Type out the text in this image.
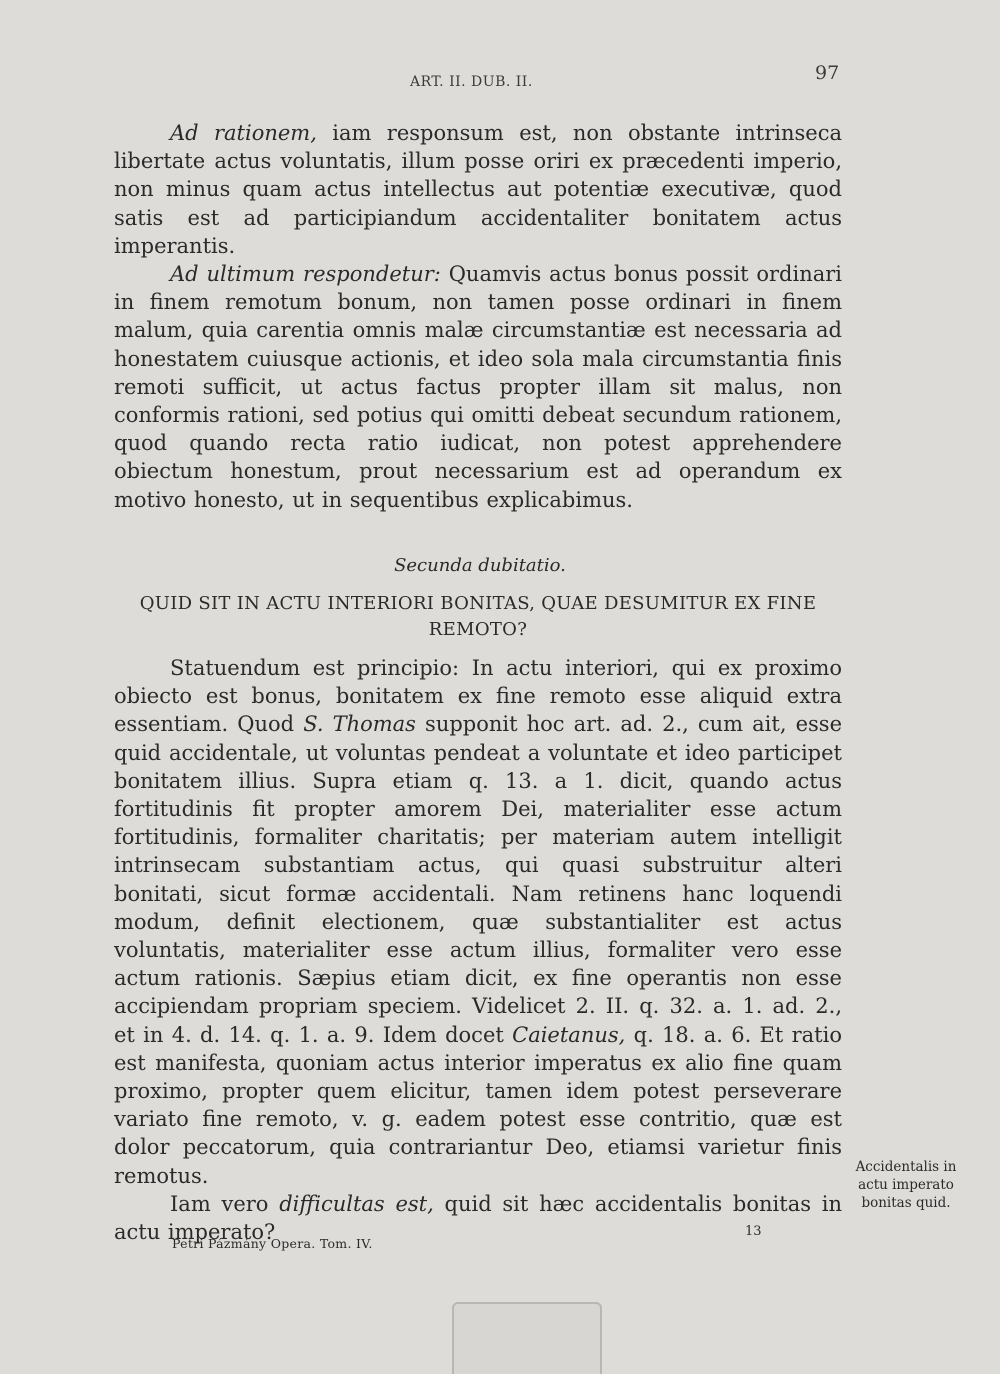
ART. II. DUB. II.	97

Ad rationem, iam responsum est, non obstante intrinseca libertate actus voluntatis, illum posse oriri ex præcedenti imperio, non minus quam actus intellectus aut potentiæ executivæ, quod satis est ad participiandum accidentaliter bonitatem actus imperantis.

Ad ultimum respondetur: Quamvis actus bonus possit ordinari in finem remotum bonum, non tamen posse ordinari in finem malum, quia carentia omnis malæ circumstantiæ est necessaria ad honestatem cuiusque actionis, et ideo sola mala circumstantia finis remoti sufficit, ut actus factus propter illam sit malus, non conformis rationi, sed potius qui omitti debeat secundum rationem, quod quando recta ratio iudicat, non potest apprehendere obiectum honestum, prout necessarium est ad operandum ex motivo honesto, ut in sequentibus explicabimus.

Secunda dubitatio.
QUID SIT IN ACTU INTERIORI BONITAS, QUAE DESUMITUR EX FINE REMOTO?

Statuendum est principio: In actu interiori, qui ex proximo obiecto est bonus, bonitatem ex fine remoto esse aliquid extra essentiam. Quod S. Thomas supponit hoc art. ad. 2., cum ait, esse quid accidentale, ut voluntas pendeat a voluntate et ideo participet bonitatem illius. Supra etiam q. 13. a 1. dicit, quando actus fortitudinis fit propter amorem Dei, materialiter esse actum fortitudinis, formaliter charitatis; per materiam autem intelligit intrinsecam substantiam actus, qui quasi substruitur alteri bonitati, sicut formæ accidentali. Nam retinens hanc loquendi modum, definit electionem, quæ substantialiter est actus voluntatis, materialiter esse actum illius, formaliter vero esse actum rationis. Sæpius etiam dicit, ex fine operantis non esse accipiendam propriam speciem. Videlicet 2. II. q. 32. a. 1. ad. 2., et in 4. d. 14. q. 1. a. 9. Idem docet Caietanus, q. 18. a. 6. Et ratio est manifesta, quoniam actus interior imperatus ex alio fine quam proximo, propter quem elicitur, tamen idem potest perseverare variato fine remoto, v. g. eadem potest esse contritio, quæ est dolor peccatorum, quia contrariantur Deo, etiamsi varietur finis remotus.

Iam vero difficultas est, quid sit hæc accidentalis bonitas in actu imperato?

Accidentalis in actu imperato bonitas quid.
Petri Pázmány Opera. Tom. IV.
13
